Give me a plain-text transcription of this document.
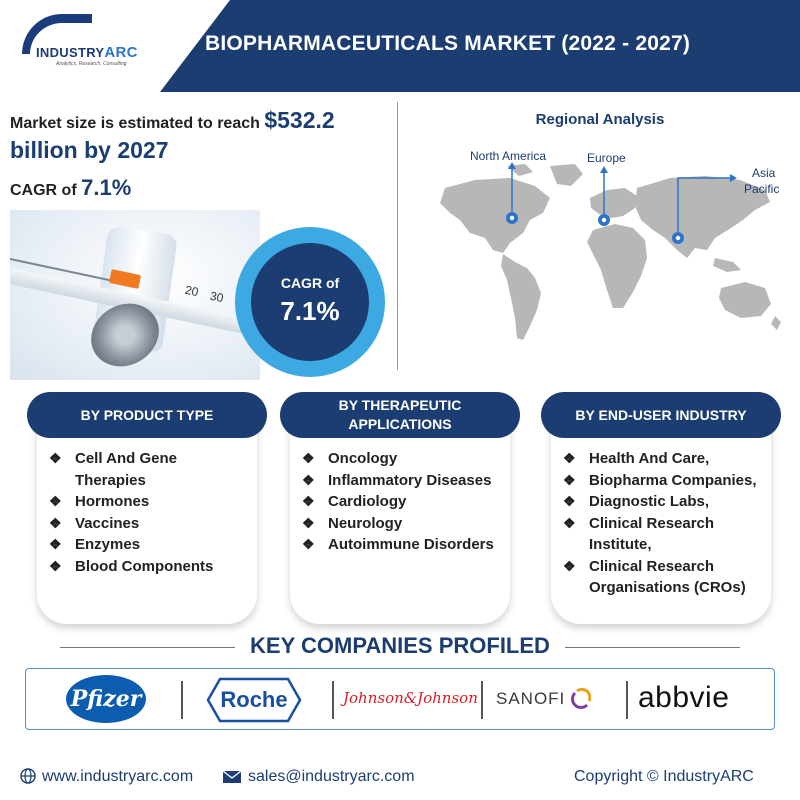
INDUSTRYARC
Analytics. Research. Consulting
BIOPHARMACEUTICALS MARKET (2022 - 2027)
Market size is estimated to reach $532.2
billion by 2027
CAGR of 7.1%
20 30
CAGR of
7.1%
Regional Analysis
North America	Europe
Asia
Pacific
BY PRODUCT TYPE
❖ Cell And Gene
Therapies
❖ Hormones
❖ Vaccines
❖ Enzymes
❖ Blood Components
BY THERAPEUTIC APPLICATIONS
❖ Oncology
❖ Inflammatory Diseases
❖ Cardiology
❖ Neurology
❖ Autoimmune Disorders
BY END-USER INDUSTRY
❖ Health And Care,
❖ Biopharma Companies,
❖ Diagnostic Labs,
❖ Clinical Research
Institute,
❖ Clinical Research
Organisations (CROs)
KEY COMPANIES PROFILED
Pfizer	Roche	Johnson&Johnson SANOFI abbvie
www.industryarc.com	sales@industryarc.com	Copyright © IndustryARC
